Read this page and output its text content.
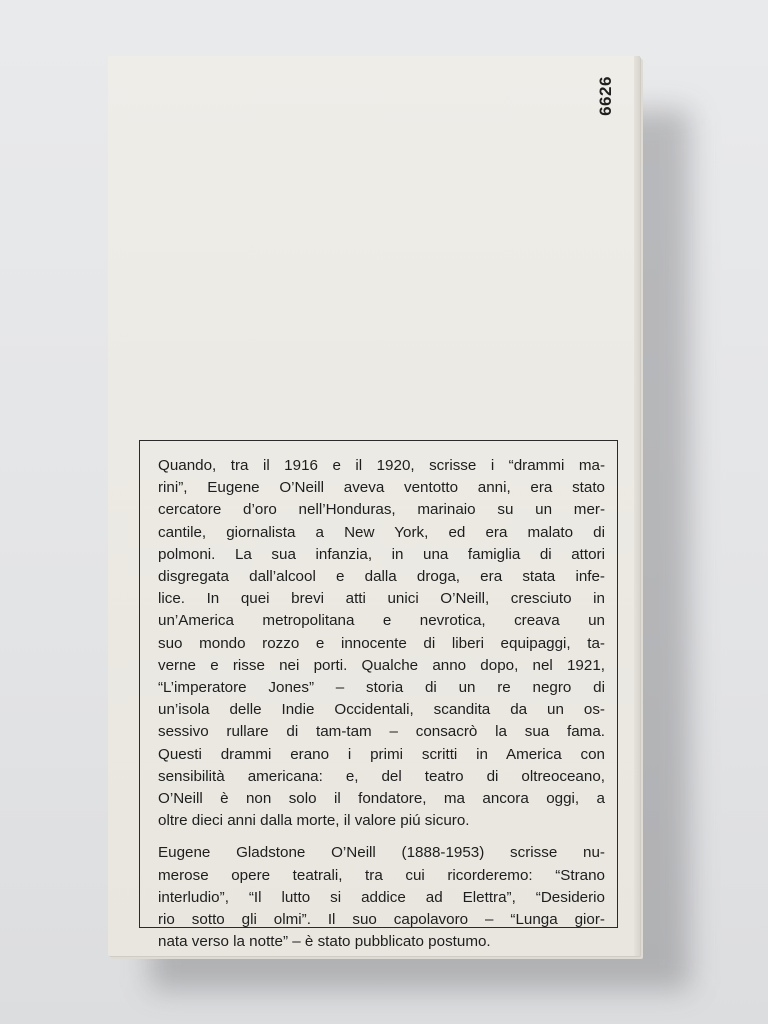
6626
Quando, tra il 1916 e il 1920, scrisse i “drammi ma-
rini”, Eugene O’Neill aveva ventotto anni, era stato
cercatore d’oro nell’Honduras, marinaio su un mer-
cantile, giornalista a New York, ed era malato di
polmoni. La sua infanzia, in una famiglia di attori
disgregata dall’alcool e dalla droga, era stata infe-
lice. In quei brevi atti unici O’Neill, cresciuto in
un’America metropolitana e nevrotica, creava un
suo mondo rozzo e innocente di liberi equipaggi, ta-
verne e risse nei porti. Qualche anno dopo, nel 1921,
“L’imperatore Jones” – storia di un re negro di
un’isola delle Indie Occidentali, scandita da un os-
sessivo rullare di tam-tam – consacrò la sua fama.
Questi drammi erano i primi scritti in America con
sensibilità americana: e, del teatro di oltreoceano,
O’Neill è non solo il fondatore, ma ancora oggi, a
oltre dieci anni dalla morte, il valore piú sicuro.
Eugene Gladstone O’Neill (1888-1953) scrisse nu-
merose opere teatrali, tra cui ricorderemo: “Strano
interludio”, “Il lutto si addice ad Elettra”, “Desiderio
rio sotto gli olmi”. Il suo capolavoro – “Lunga gior-
nata verso la notte” – è stato pubblicato postumo.
